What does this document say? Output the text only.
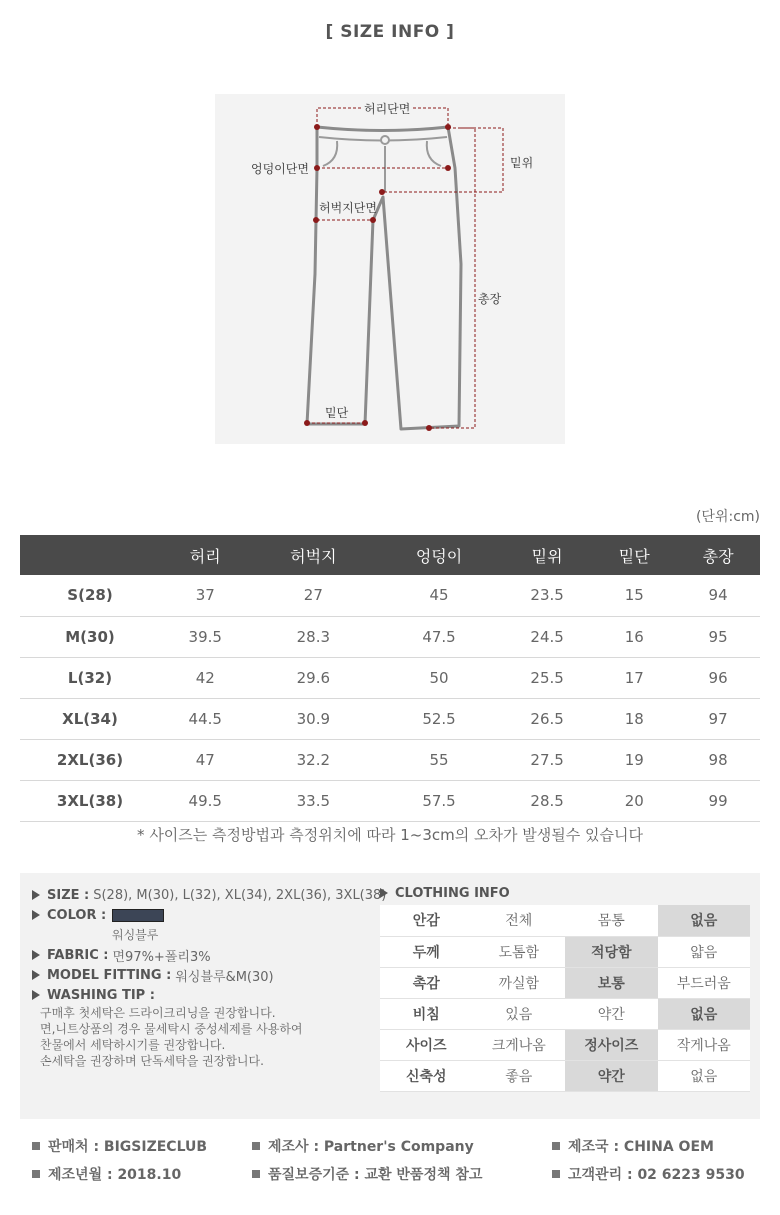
[ SIZE INFO ]
허리단면
엉덩이단면
허벅지단면
밑위
총장
밑단
(단위:cm)
	허리	허벅지	엉덩이	밑위	밑단	총장
S(28)	37	27	45	23.5	15	94
M(30)	39.5	28.3	47.5	24.5	16	95
L(32)	42	29.6	50	25.5	17	96
XL(34)	44.5	30.9	52.5	26.5	18	97
2XL(36)	47	32.2	55	27.5	19	98
3XL(38)	49.5	33.5	57.5	28.5	20	99
* 사이즈는 측정방법과 측정위치에 따라 1~3cm의 오차가 발생될수 있습니다
SIZE : S(28), M(30), L(32), XL(34), 2XL(36), 3XL(38)
COLOR :
워싱블루
FABRIC : 면97%+폴리3%
MODEL FITTING : 워싱블루&M(30)
WASHING TIP :
구매후 첫세탁은 드라이크리닝을 권장합니다.
면,니트상품의 경우 물세탁시 중성세제를 사용하여
찬물에서 세탁하시기를 권장합니다.
손세탁을 권장하며 단독세탁을 권장합니다.
CLOTHING INFO
안감	전체	몸통	없음
두께	도톰함	적당함	얇음
촉감	까실함	보통	부드러움
비침	있음	약간	없음
사이즈	크게나옴	정사이즈	작게나옴
신축성	좋음	약간	없음
판매처 : BIGSIZECLUB	제조사 : Partner's Company	제조국 : CHINA OEM
제조년월 : 2018.10	품질보증기준 : 교환 반품정책 참고	고객관리 : 02 6223 9530
